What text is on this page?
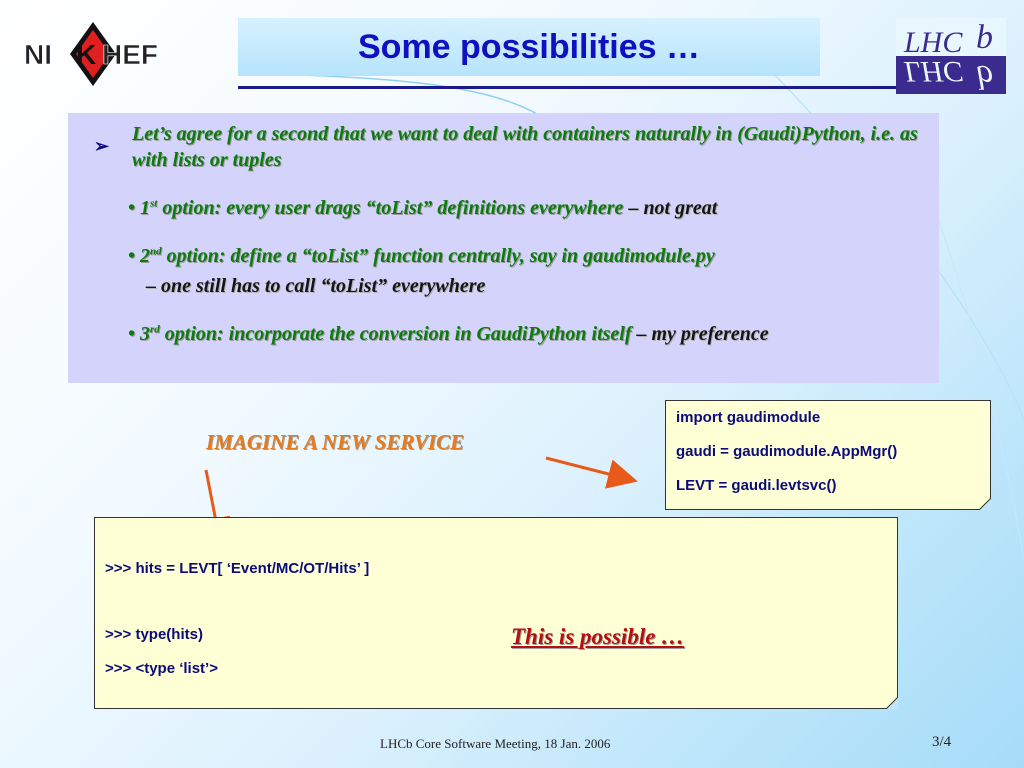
NI K HEF	Some possibilities …	LHC b
LHC b
➢
Let’s agree for a second that we want to deal with containers naturally in (Gaudi)Python, i.e. as with lists or tuples
• 1st option: every user drags “toList” definitions everywhere – not great
• 2nd option: define a “toList” function centrally, say in gaudimodule.py
– one still has to call “toList” everywhere
• 3rd option: incorporate the conversion in GaudiPython itself – my preference
IMAGINE A NEW SERVICE
import gaudimodule
gaudi = gaudimodule.AppMgr()
LEVT = gaudi.levtsvc()
>>> hits = LEVT[ ‘Event/MC/OT/Hits’ ]
>>> type(hits)
>>> <type ‘list’>
This is possible …
LHCb Core Software Meeting, 18 Jan. 2006	3/4
